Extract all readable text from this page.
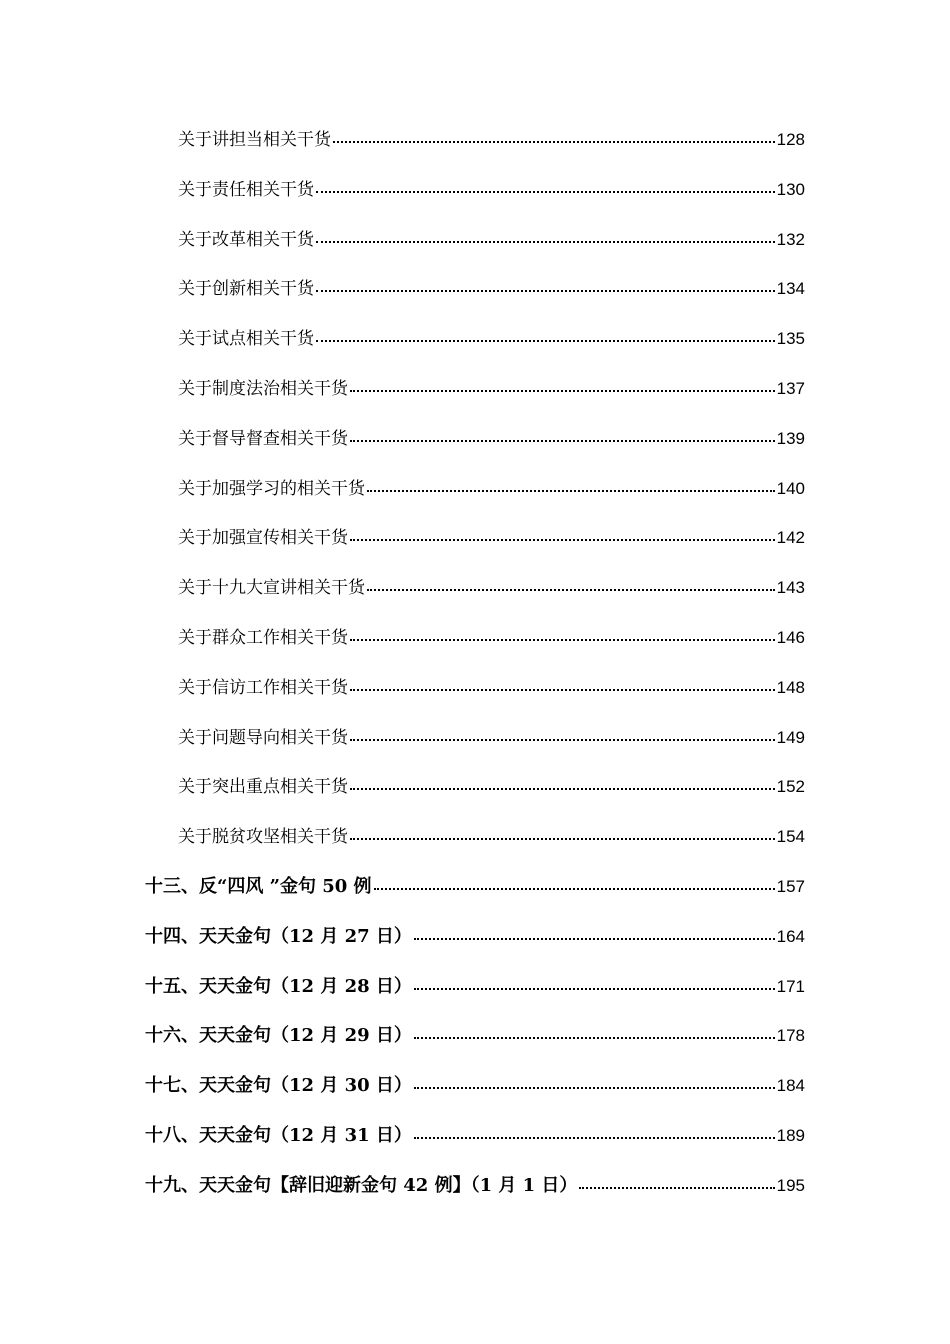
关于讲担当相关干货	128
关于责任相关干货	130
关于改革相关干货	132
关于创新相关干货	134
关于试点相关干货	135
关于制度法治相关干货	137
关于督导督查相关干货	139
关于加强学习的相关干货	140
关于加强宣传相关干货	142
关于十九大宣讲相关干货	143
关于群众工作相关干货	146
关于信访工作相关干货	148
关于问题导向相关干货	149
关于突出重点相关干货	152
关于脱贫攻坚相关干货	154
十三、反“四风 ”金句 50 例	157
十四、天天金句（12 月 27 日）	164
十五、天天金句（12 月 28 日）	171
十六、天天金句（12 月 29 日）	178
十七、天天金句（12 月 30 日）	184
十八、天天金句（12 月 31 日）	189
十九、天天金句【辞旧迎新金句 42 例】（1 月 1 日）	195
